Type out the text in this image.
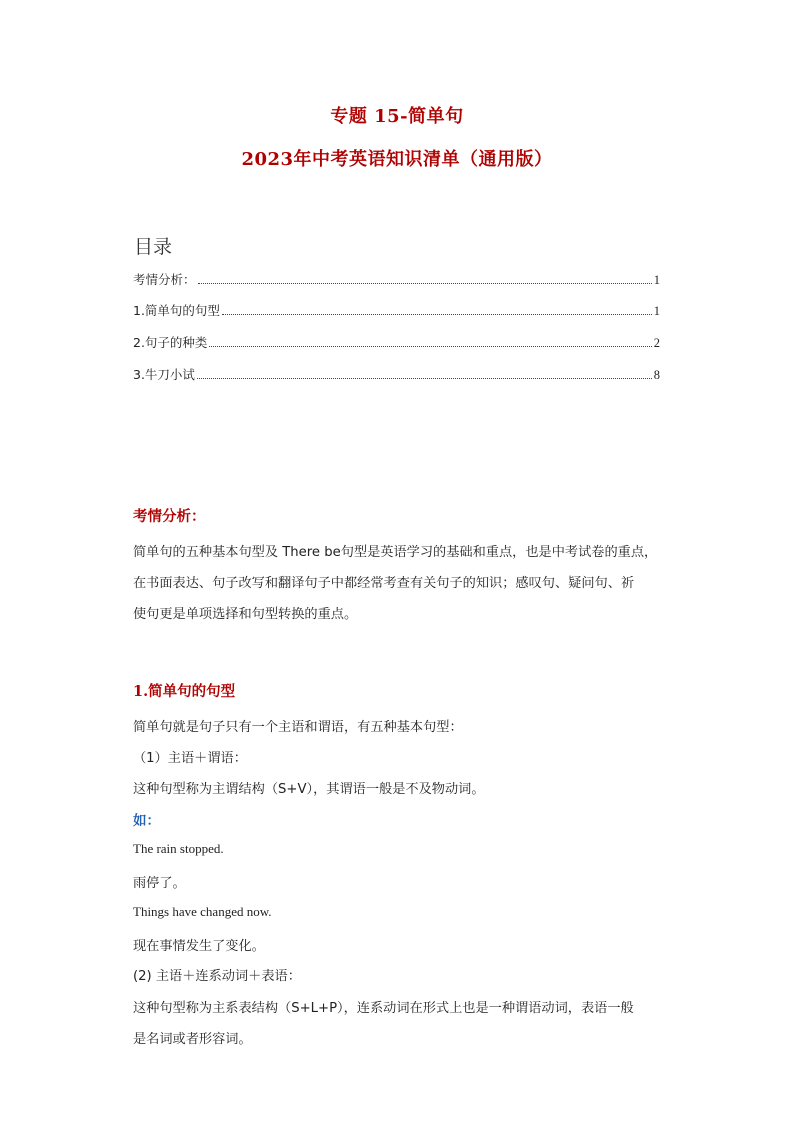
专题 15-简单句
2023年中考英语知识清单（通用版）
目录
考情分析：	1
1.简单句的句型	1
2.句子的种类	2
3.牛刀小试	8
考情分析：
简单句的五种基本句型及 There be句型是英语学习的基础和重点，也是中考试卷的重点，
在书面表达、句子改写和翻译句子中都经常考查有关句子的知识；感叹句、疑问句、祈
使句更是单项选择和句型转换的重点。
1.简单句的句型
简单句就是句子只有一个主语和谓语，有五种基本句型：
（1）主语＋谓语：
这种句型称为主谓结构（S+V），其谓语一般是不及物动词。
如：
The rain stopped.
雨停了。
Things have changed now.
现在事情发生了变化。
(2) 主语＋连系动词＋表语：
这种句型称为主系表结构（S+L+P），连系动词在形式上也是一种谓语动词，表语一般
是名词或者形容词。
